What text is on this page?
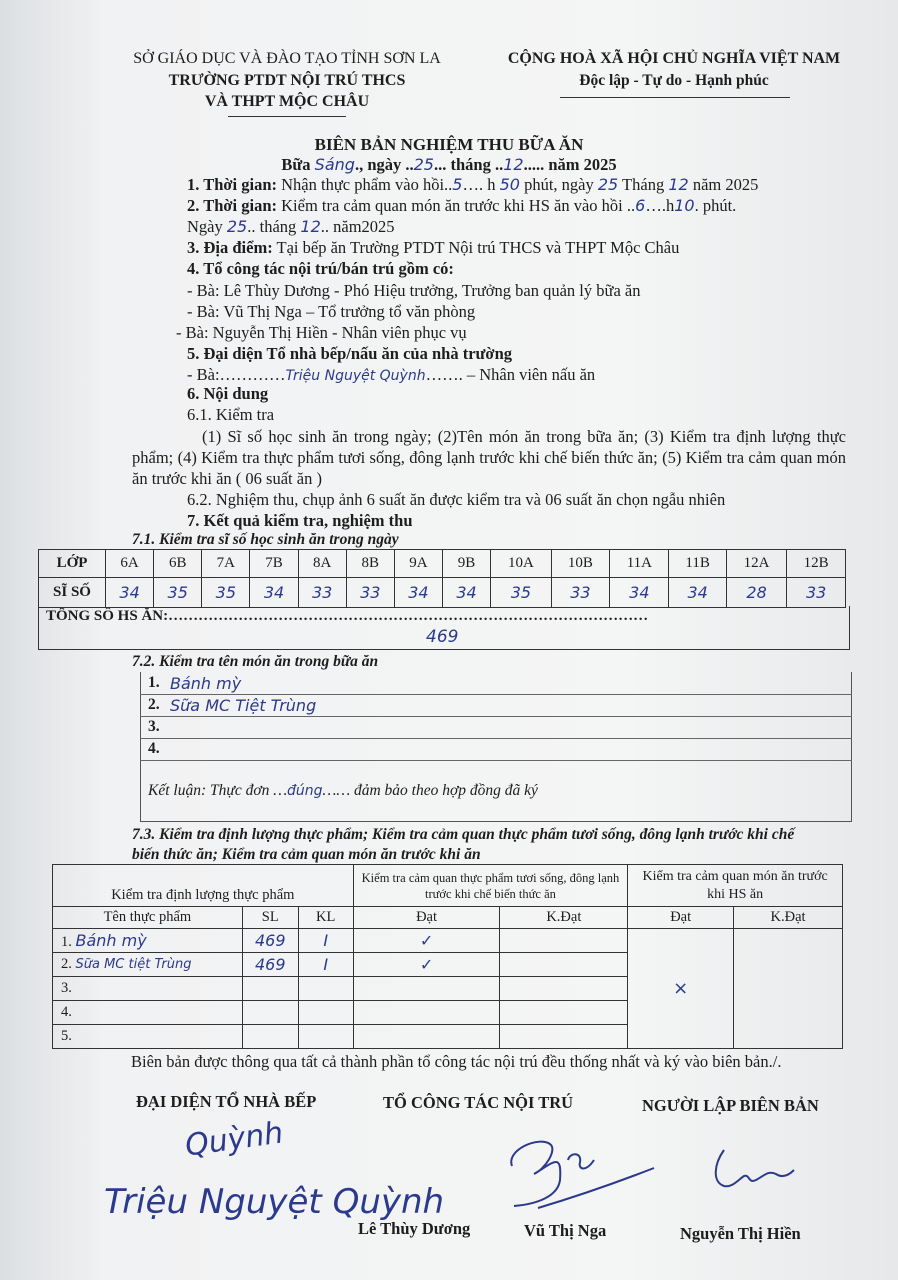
SỞ GIÁO DỤC VÀ ĐÀO TẠO TỈNH SƠN LA
TRƯỜNG PTDT NỘI TRÚ THCS
VÀ THPT MỘC CHÂU
CỘNG HOÀ XÃ HỘI CHỦ NGHĨA VIỆT NAM
Độc lập - Tự do - Hạnh phúc
BIÊN BẢN NGHIỆM THU BỮA ĂN
Bữa Sáng., ngày ..25... tháng ..12..... năm 2025
1. Thời gian: Nhận thực phẩm vào hồi..5…. h 50 phút, ngày 25 Tháng 12 năm 2025
2. Thời gian: Kiểm tra cảm quan món ăn trước khi HS ăn vào hồi ..6….h10. phút.
Ngày 25.. tháng 12.. năm2025
3. Địa điểm: Tại bếp ăn Trường PTDT Nội trú THCS và THPT Mộc Châu
4. Tổ công tác nội trú/bán trú gồm có:
- Bà: Lê Thùy Dương - Phó Hiệu trưởng, Trưởng ban quản lý bữa ăn
- Bà: Vũ Thị Nga – Tổ trưởng tổ văn phòng
- Bà: Nguyễn Thị Hiền - Nhân viên phục vụ
5. Đại diện Tổ nhà bếp/nấu ăn của nhà trường
- Bà:…………Triệu Nguyệt Quỳnh……. – Nhân viên nấu ăn
6. Nội dung
6.1. Kiểm tra
(1) Sĩ số học sinh ăn trong ngày; (2)Tên món ăn trong bữa ăn; (3) Kiểm tra định lượng thực phẩm; (4) Kiểm tra thực phẩm tươi sống, đông lạnh trước khi chế biến thức ăn; (5) Kiểm tra cảm quan món ăn trước khi ăn ( 06 suất ăn )
6.2. Nghiệm thu, chụp ảnh 6 suất ăn được kiểm tra và 06 suất ăn chọn ngẫu nhiên
7. Kết quả kiểm tra, nghiệm thu
7.1. Kiểm tra sĩ số học sinh ăn trong ngày
LỚP	6A	6B	7A	7B	8A	8B	9A	9B	10A	10B	11A	11B	12A	12B
SĨ SỐ	34	35	35	34	33	33	34	34	35	33	34	34	28	33
TỔNG SỐ HS ĂN:……………………………………………………………………………………
469
7.2. Kiểm tra tên món ăn trong bữa ăn
1. Bánh mỳ
2. Sữa MC Tiệt Trùng
3.
4.
Kết luận: Thực đơn …đúng…… đảm bảo theo hợp đồng đã ký
7.3. Kiểm tra định lượng thực phẩm; Kiểm tra cảm quan thực phẩm tươi sống, đông lạnh trước khi chế
biến thức ăn; Kiểm tra cảm quan món ăn trước khi ăn
Kiểm tra định lượng thực phẩm			Kiểm tra cảm quan thực phẩm tươi sống, đông lạnh trước khi chế biến thức ăn		Kiểm tra cảm quan món ăn trước khi HS ăn	
Tên thực phẩm	SL	KL	Đạt	K.Đạt	Đạt	K.Đạt
1. Bánh mỳ	469	I	✓		×	
2. Sữa MC tiệt Trùng	469	I	✓			
3.						
4.						
5.						
Biên bản được thông qua tất cả thành phần tổ công tác nội trú đều thống nhất và ký vào biên bản./.
ĐẠI DIỆN TỔ NHÀ BẾP	TỔ CÔNG TÁC NỘI TRÚ	NGƯỜI LẬP BIÊN BẢN
Quỳnh
Triệu Nguyệt Quỳnh
Lê Thùy Dương	Vũ Thị Nga	Nguyễn Thị Hiền
